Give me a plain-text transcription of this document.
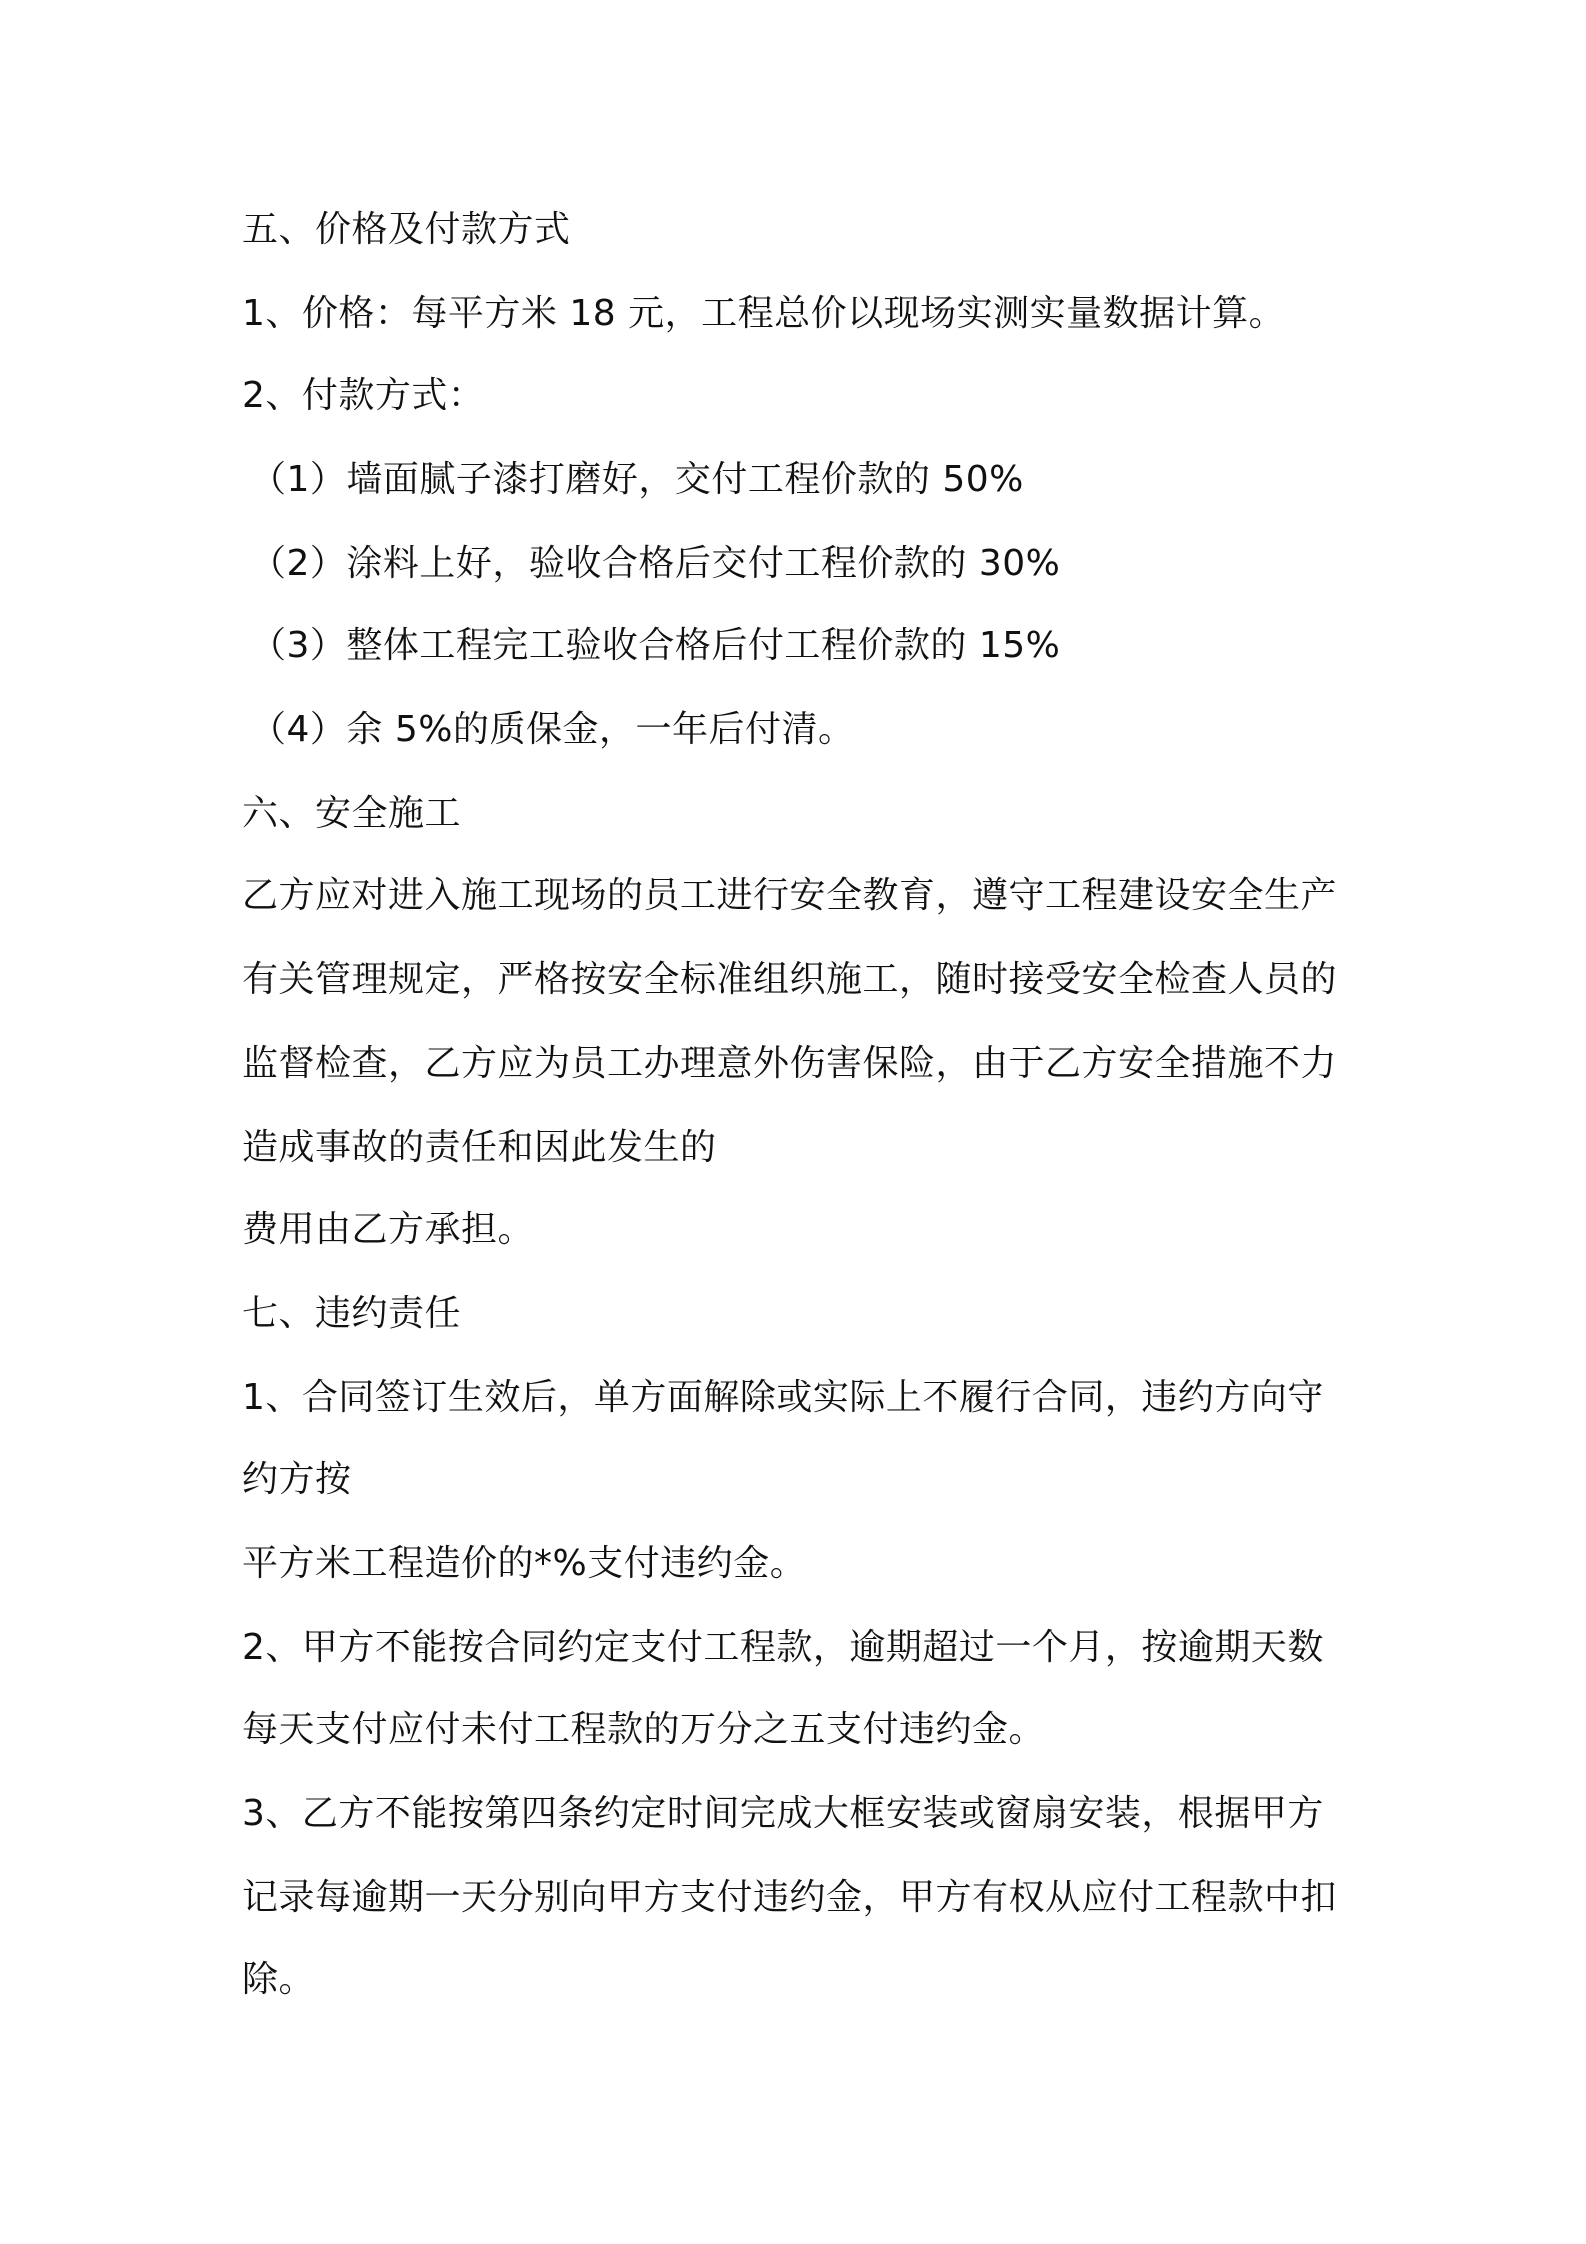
五、价格及付款方式
1、价格：每平方米 18 元，工程总价以现场实测实量数据计算。
2、付款方式：
（1）墙面腻子漆打磨好，交付工程价款的 50%
（2）涂料上好，验收合格后交付工程价款的 30%
（3）整体工程完工验收合格后付工程价款的 15%
（4）余 5%的质保金，一年后付清。
六、安全施工
乙方应对进入施工现场的员工进行安全教育，遵守工程建设安全生产
有关管理规定，严格按安全标准组织施工，随时接受安全检查人员的
监督检查，乙方应为员工办理意外伤害保险，由于乙方安全措施不力
造成事故的责任和因此发生的
费用由乙方承担。
七、违约责任
1、合同签订生效后，单方面解除或实际上不履行合同，违约方向守
约方按
平方米工程造价的*%支付违约金。
2、甲方不能按合同约定支付工程款，逾期超过一个月，按逾期天数
每天支付应付未付工程款的万分之五支付违约金。
3、乙方不能按第四条约定时间完成大框安装或窗扇安装，根据甲方
记录每逾期一天分别向甲方支付违约金，甲方有权从应付工程款中扣
除。
